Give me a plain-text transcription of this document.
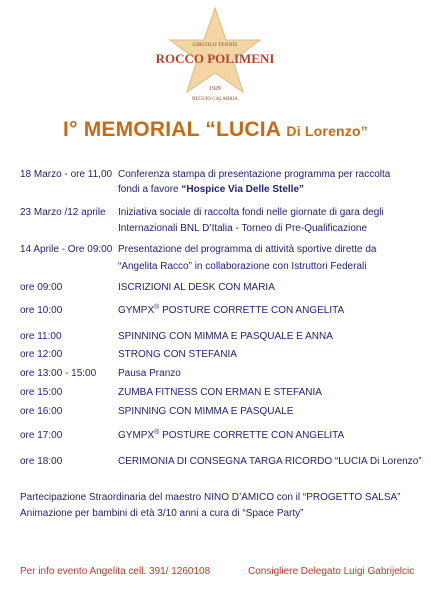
CIRCOLO TENNIS
ROCCO POLIMENI
1929
REGGIO CALABRIA
I° MEMORIAL “LUCIA Di Lorenzo”
18 Marzo - ore 11,00 Conferenza stampa di presentazione programma per raccolta
fondi a favore “Hospice Via Delle Stelle”
23 Marzo /12 aprile Iniziativa sociale di raccolta fondi nelle giornate di gara degli
Internazionali BNL D’Italia - Torneo di Pre-Qualificazione
14 Aprile - Ore 09:00 Presentazione del programma di attività sportive dirette da
“Angelita Racco” in collaborazione con Istruttori Federali
ore 09:00	ISCRIZIONI AL DESK CON MARIA
ore 10:00	GYMPX® POSTURE CORRETTE CON ANGELITA
ore 11:00	SPINNING CON MIMMA E PASQUALE E ANNA
ore 12:00	STRONG CON STEFANIA
ore 13:00 - 15:00 Pausa Pranzo
ore 15:00	ZUMBA FITNESS CON ERMAN E STEFANIA
ore 16:00	SPINNING CON MIMMA E PASQUALE
ore 17:00	GYMPX® POSTURE CORRETTE CON ANGELITA
ore 18:00	CERIMONIA DI CONSEGNA TARGA RICORDO “LUCIA Di Lorenzo”
Partecipazione Straordinaria del maestro NINO D’AMICO con il “PROGETTO SALSA”
Animazione per bambini di età 3/10 anni a cura di “Space Party”
Per info evento Angelita cell. 391/ 1260108	Consigliere Delegato Luigi Gabrijelcic
